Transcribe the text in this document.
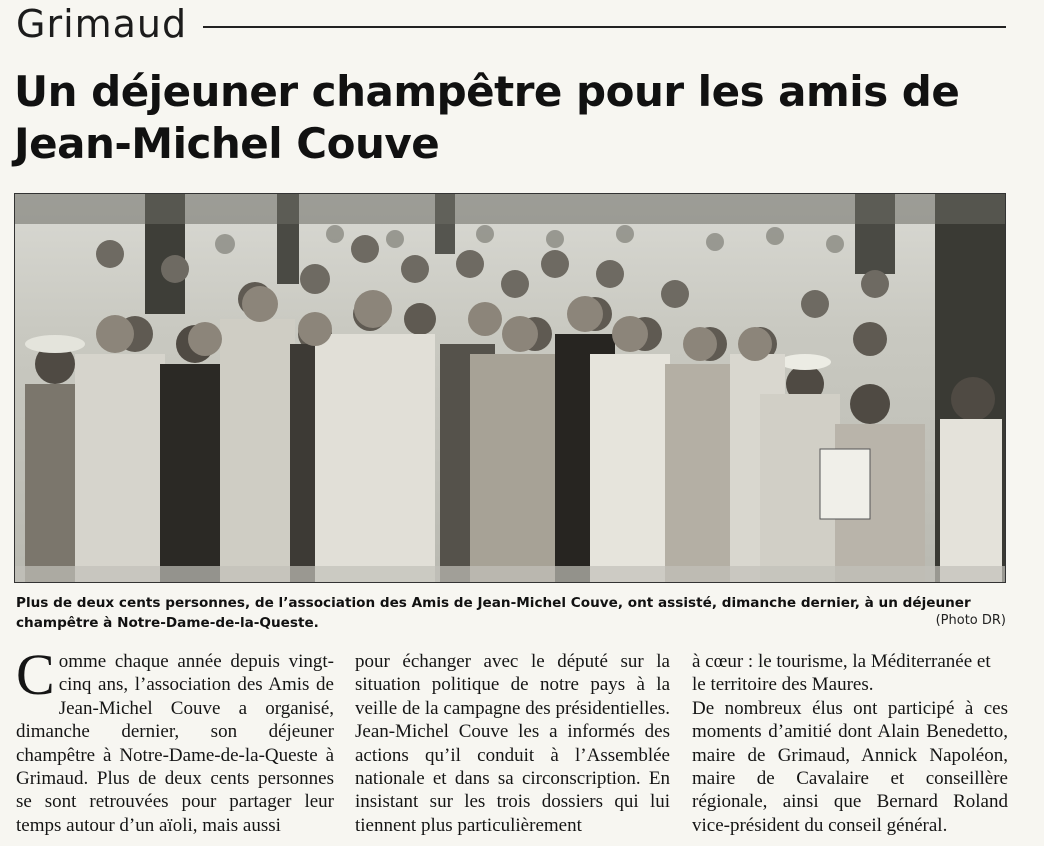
Grimaud
Un déjeuner champêtre pour les amis de Jean-Michel Couve
Plus de deux cents personnes, de l’association des Amis de Jean-Michel Couve, ont assisté, dimanche dernier, à un déjeuner champêtre à Notre-Dame-de-la-Queste.	(Photo DR)
C omme chaque année depuis vingt-cinq ans, l’association des Amis de Jean-Michel Couve a organisé, dimanche dernier, son déjeuner champêtre à Notre-Dame-de-la-Queste à Grimaud. Plus de deux cents personnes se sont retrouvées pour partager leur temps autour d’un aïoli, mais aussi

pour échanger avec le député sur la situation politique de notre pays à la veille de la campagne des présidentielles. Jean-Michel Couve les a informés des actions qu’il conduit à l’Assemblée nationale et dans sa circonscription. En insistant sur les trois dossiers qui lui tiennent plus particulièrement

à cœur : le tourisme, la Méditerranée et le territoire des Maures.

De nombreux élus ont participé à ces moments d’amitié dont Alain Benedetto, maire de Grimaud, Annick Napoléon, maire de Cavalaire et conseillère régionale, ainsi que Bernard Roland vice-président du conseil général.
